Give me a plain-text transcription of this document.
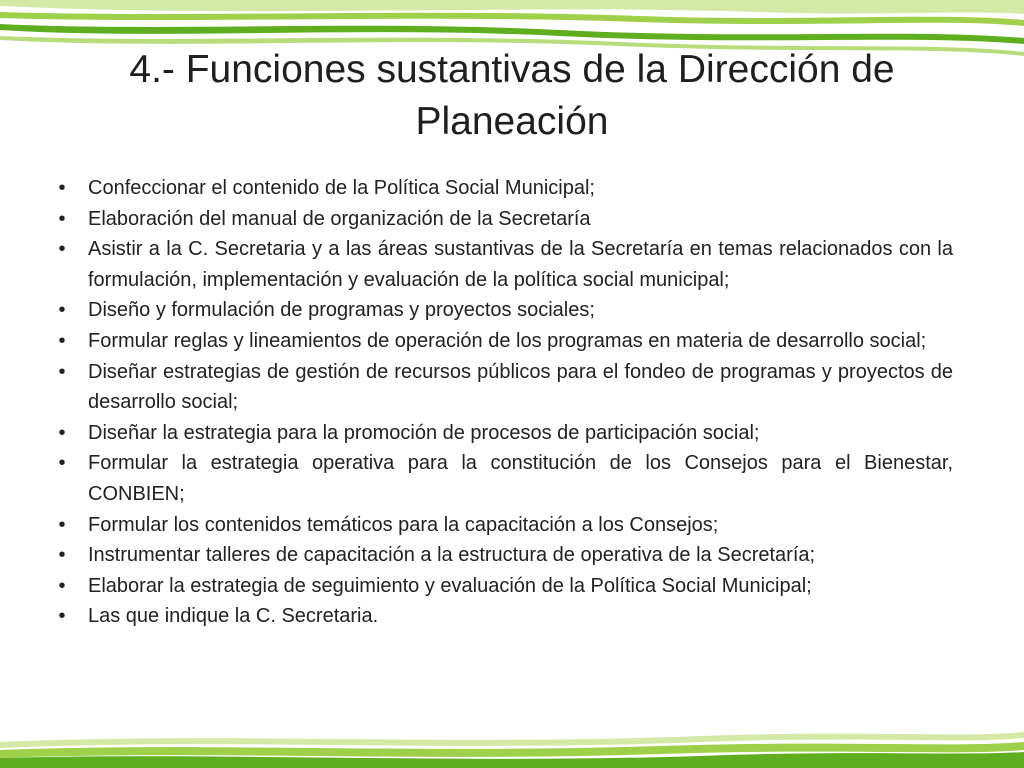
4.- Funciones sustantivas de la Dirección de Planeación
•	Confeccionar el contenido de la Política Social Municipal;
•	Elaboración del manual de organización de la Secretaría
•	Asistir a la C. Secretaria y a las áreas sustantivas de la Secretaría en temas relacionados con la formulación, implementación y evaluación de la política social municipal;
•	Diseño y formulación de programas y proyectos sociales;
•	Formular reglas y lineamientos de operación de los programas en materia de desarrollo social;
•	Diseñar estrategias de gestión de recursos públicos para el fondeo de programas y proyectos de desarrollo social;
•	Diseñar la estrategia para la promoción de procesos de participación social;
•	Formular la estrategia operativa para la constitución de los Consejos para el Bienestar, CONBIEN;
•	Formular los contenidos temáticos para la capacitación a los Consejos;
•	Instrumentar talleres de capacitación a la estructura de operativa de la Secretaría;
•	Elaborar la estrategia de seguimiento y evaluación de la Política Social Municipal;
•	Las que indique la C. Secretaria.
